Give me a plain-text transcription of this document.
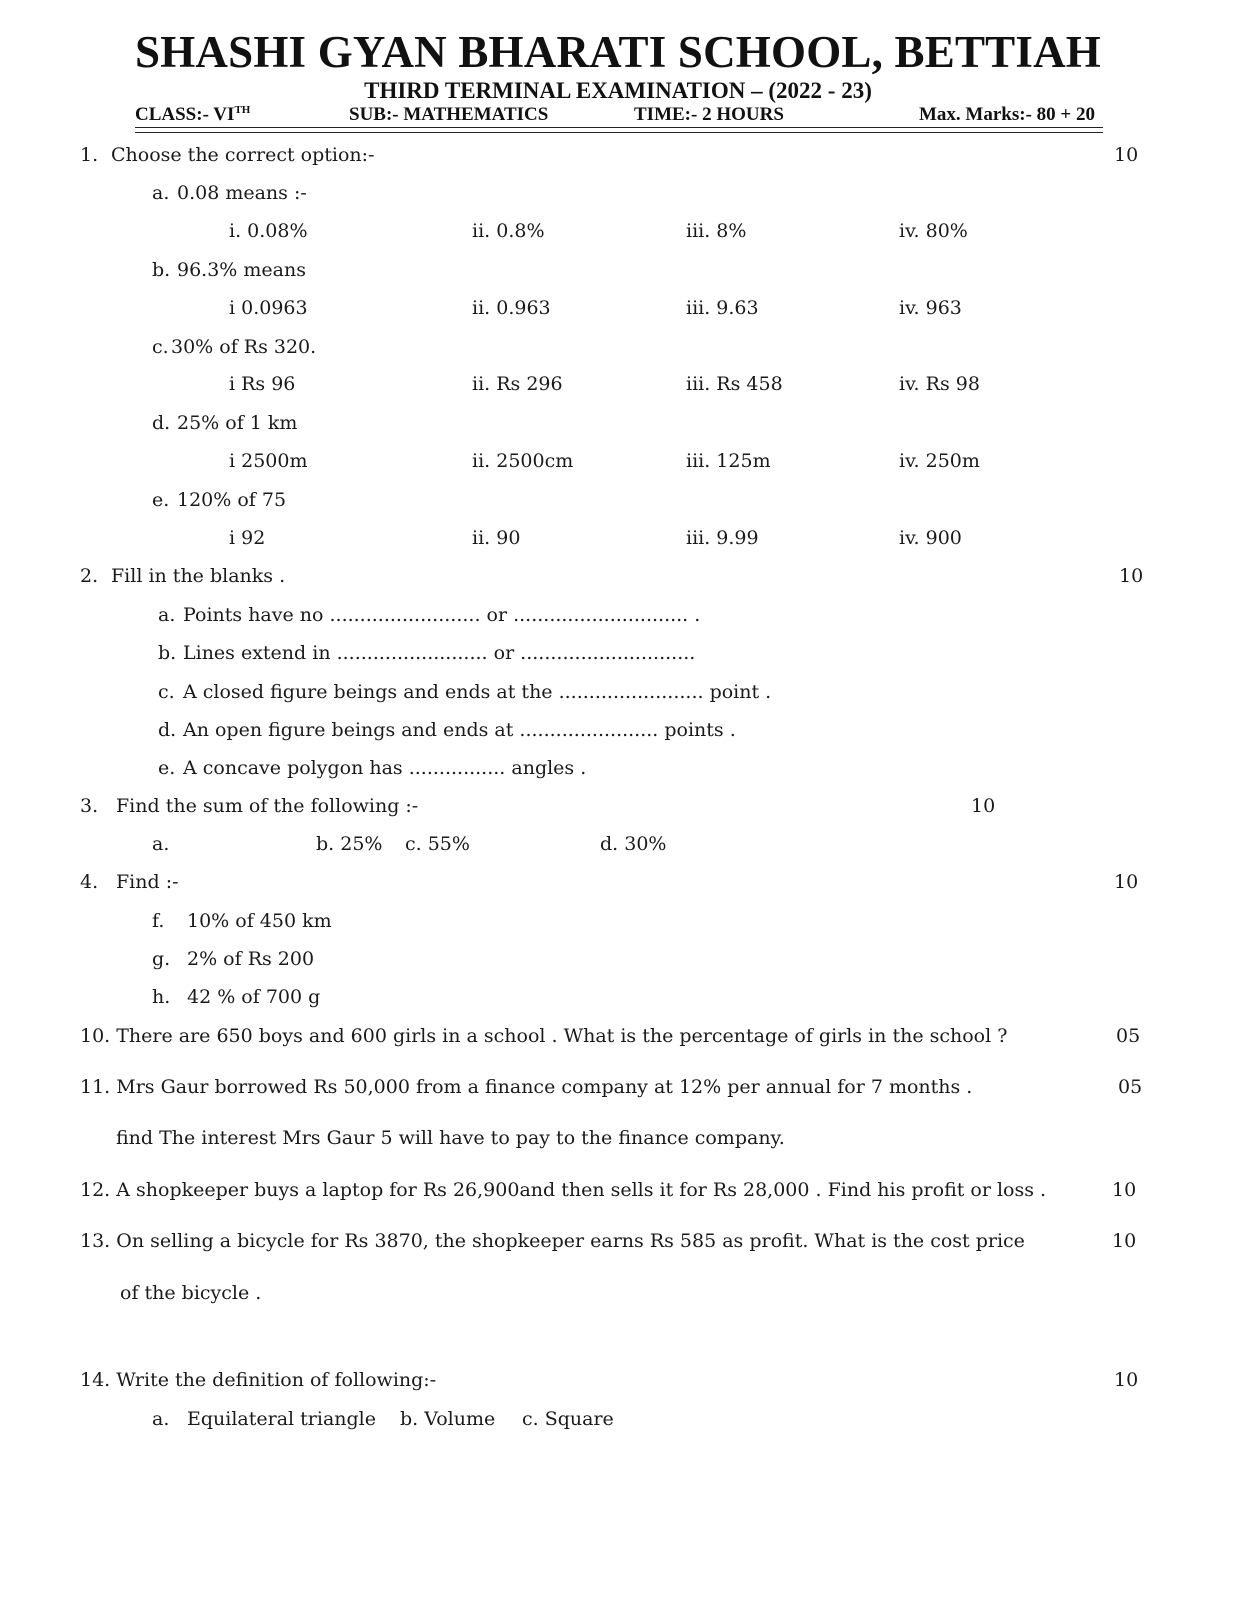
SHASHI GYAN BHARATI SCHOOL, BETTIAH
THIRD TERMINAL EXAMINATION – (2022 - 23)
CLASS:- VITH	SUB:- MATHEMATICS	TIME:- 2 HOURS	Max. Marks:- 80 + 20
1. Choose the correct option:-	10
a. 0.08 means :-
i. 0.08%	ii. 0.8%	iii. 8%	iv. 80%
b. 96.3% means
i 0.0963	ii. 0.963	iii. 9.63	iv. 963
c. 30% of Rs 320.
i Rs 96	ii. Rs 296	iii. Rs 458	iv. Rs 98
d. 25% of 1 km
i 2500m	ii. 2500cm	iii. 125m	iv. 250m
e. 120% of 75
i 92	ii. 90	iii. 9.99	iv. 900
2. Fill in the blanks .	10
a. Points have no ......................... or ............................. .
b. Lines extend in ......................... or .............................
c. A closed figure beings and ends at the ........................ point .
d. An open figure beings and ends at ....................... points .
e. A concave polygon has ................ angles .
3. Find the sum of the following :-	10
a.	b. 25% c. 55%	d. 30%
4. Find :-	10
f. 10% of 450 km
g. 2% of Rs 200
h. 42 % of 700 g
10. There are 650 boys and 600 girls in a school . What is the percentage of girls in the school ?	05
11. Mrs Gaur borrowed Rs 50,000 from a finance company at 12% per annual for 7 months .	05
find The interest Mrs Gaur 5 will have to pay to the finance company.
12. A shopkeeper buys a laptop for Rs 26,900and then sells it for Rs 28,000 . Find his profit or loss .	10
13. On selling a bicycle for Rs 3870, the shopkeeper earns Rs 585 as profit. What is the cost price	10
of the bicycle .
14. Write the definition of following:-	10
a. Equilateral triangle b. Volume c. Square
